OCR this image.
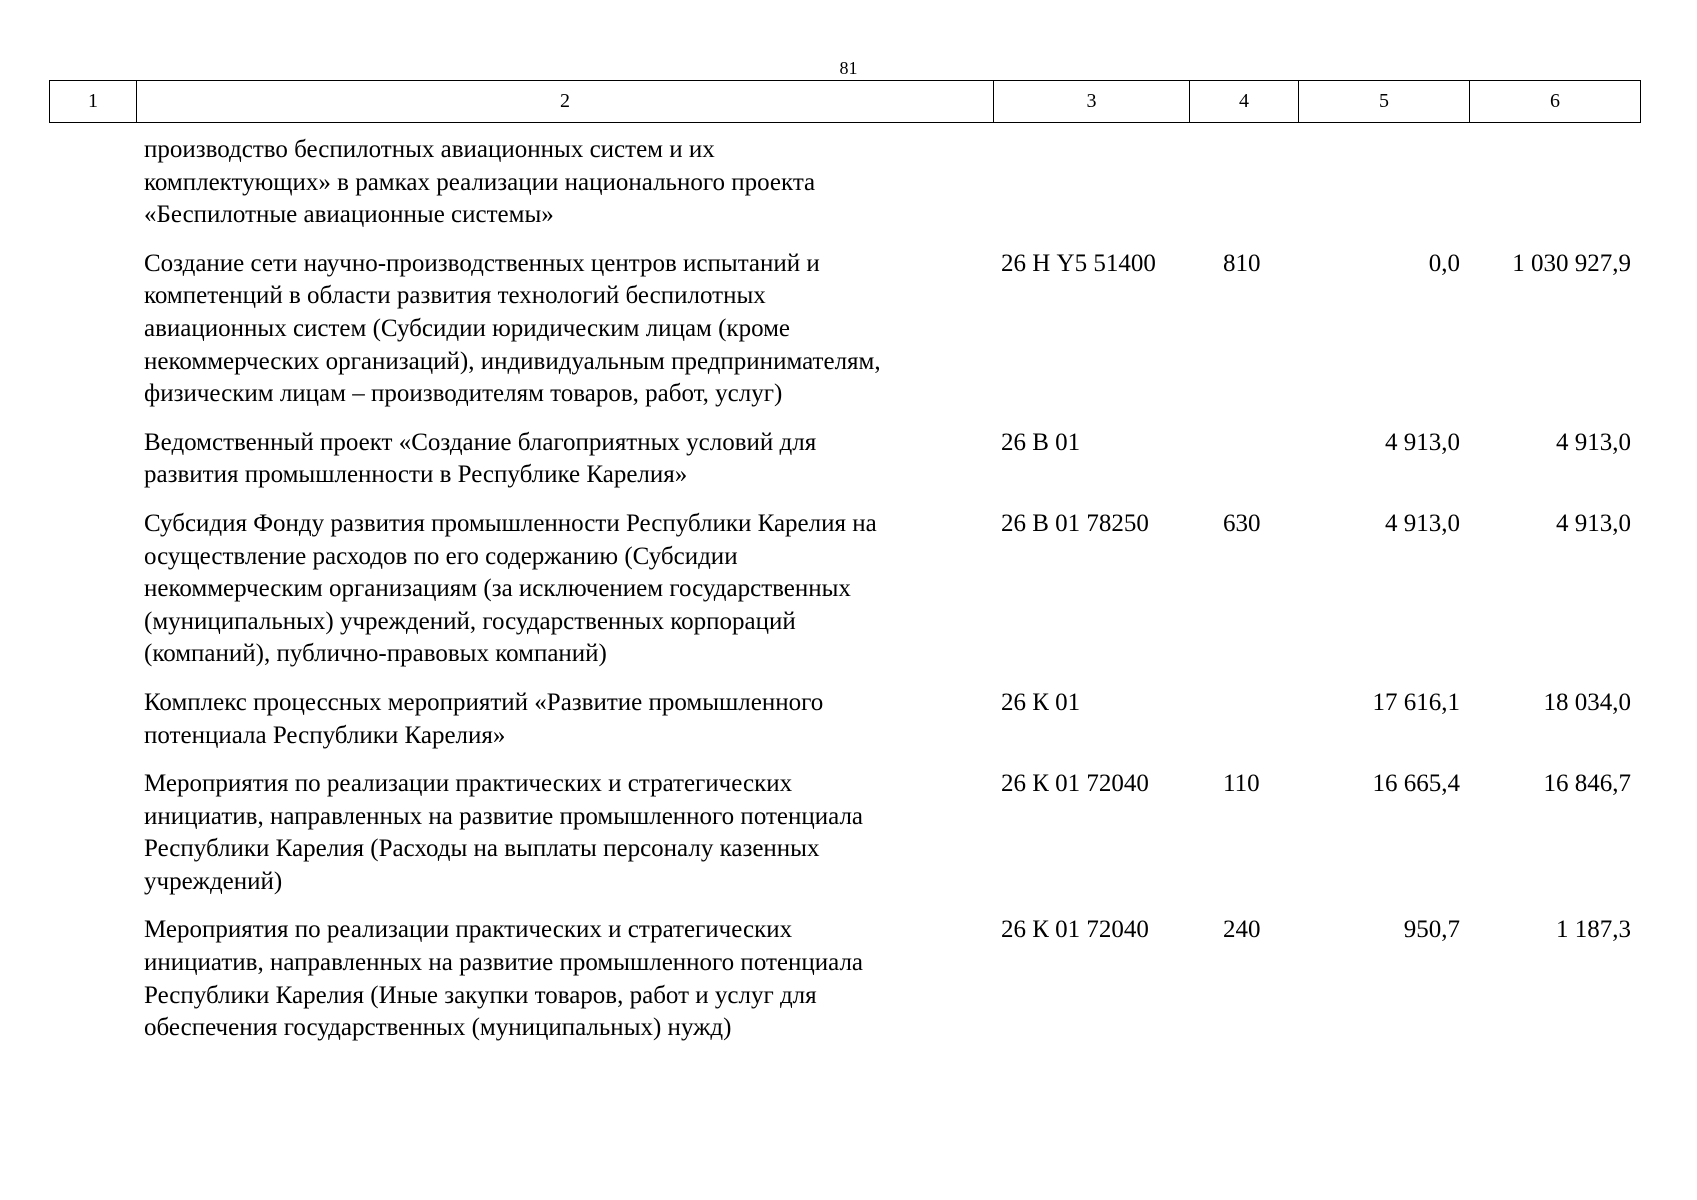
81
1	2	3	4	5	6
производство беспилотных авиационных систем и их
комплектующих» в рамках реализации национального проекта
«Беспилотные авиационные системы»				

Создание сети научно-производственных центров испытаний и
компетенций в области развития технологий беспилотных
авиационных систем (Субсидии юридическим лицам (кроме
некоммерческих организаций), индивидуальным предпринимателям,
физическим лицам – производителям товаров, работ, услуг)	26 Н Y5 51400	810	0,0	1 030 927,9

Ведомственный проект «Создание благоприятных условий для
развития промышленности в Республике Карелия»	26 В 01		4 913,0	4 913,0

Субсидия Фонду развития промышленности Республики Карелия на
осуществление расходов по его содержанию (Субсидии
некоммерческим организациям (за исключением государственных
(муниципальных) учреждений, государственных корпораций
(компаний), публично-правовых компаний)	26 В 01 78250	630	4 913,0	4 913,0

Комплекс процессных мероприятий «Развитие промышленного
потенциала Республики Карелия»	26 К 01		17 616,1	18 034,0

Мероприятия по реализации практических и стратегических
инициатив, направленных на развитие промышленного потенциала
Республики Карелия (Расходы на выплаты персоналу казенных
учреждений)	26 К 01 72040	110	16 665,4	16 846,7

Мероприятия по реализации практических и стратегических
инициатив, направленных на развитие промышленного потенциала
Республики Карелия (Иные закупки товаров, работ и услуг для
обеспечения государственных (муниципальных) нужд)	26 К 01 72040	240	950,7	1 187,3
